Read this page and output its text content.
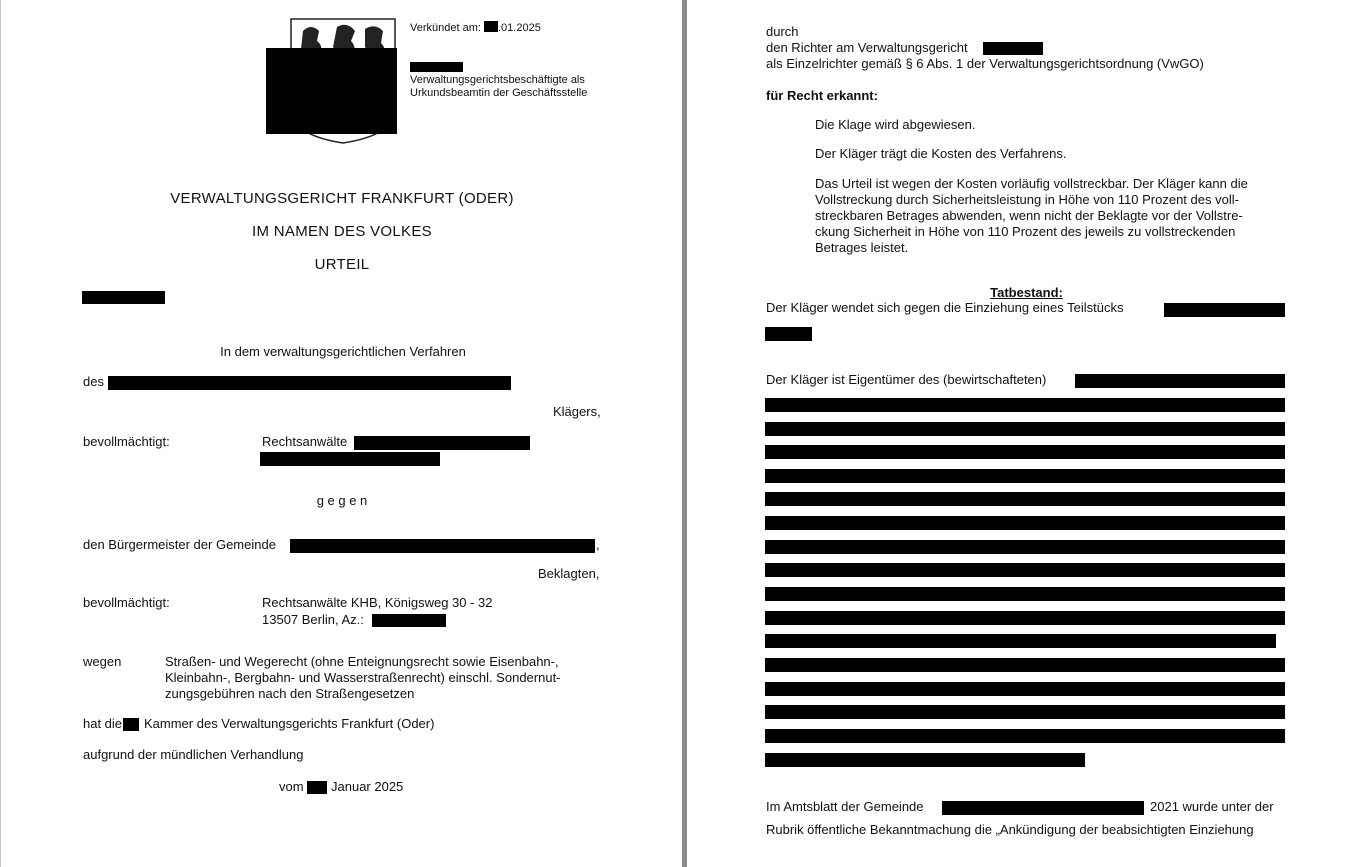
Verkündet am: .01.2025
Verwaltungsgerichtsbeschäftigte als
Urkundsbeamtin der Geschäftsstelle
VERWALTUNGSGERICHT FRANKFURT (ODER)
IM NAMEN DES VOLKES
URTEIL
In dem verwaltungsgerichtlichen Verfahren
des
Klägers,
bevollmächtigt:	Rechtsanwälte
g e g e n
den Bürgermeister der Gemeinde	,
Beklagten,
bevollmächtigt:	Rechtsanwälte KHB, Königsweg 30 - 32
13507 Berlin, Az.:
wegen	Straßen- und Wegerecht (ohne Enteignungsrecht sowie Eisenbahn-,
Kleinbahn-, Bergbahn- und Wasserstraßenrecht) einschl. Sondernut-
zungsgebühren nach den Straßengesetzen
hat die Kammer des Verwaltungsgerichts Frankfurt (Oder)
aufgrund der mündlichen Verhandlung
vom Januar 2025
durch
den Richter am Verwaltungsgericht
als Einzelrichter gemäß § 6 Abs. 1 der Verwaltungsgerichtsordnung (VwGO)
für Recht erkannt:
Die Klage wird abgewiesen.
Der Kläger trägt die Kosten des Verfahrens.
Das Urteil ist wegen der Kosten vorläufig vollstreckbar. Der Kläger kann die
Vollstreckung durch Sicherheitsleistung in Höhe von 110 Prozent des voll-
streckbaren Betrages abwenden, wenn nicht der Beklagte vor der Vollstre-
ckung Sicherheit in Höhe von 110 Prozent des jeweils zu vollstreckenden
Betrages leistet.
Tatbestand:
Der Kläger wendet sich gegen die Einziehung eines Teilstücks
Der Kläger ist Eigentümer des (bewirtschafteten)
Im Amtsblatt der Gemeinde	2021 wurde unter der
Rubrik öffentliche Bekanntmachung die „Ankündigung der beabsichtigten Einziehung
